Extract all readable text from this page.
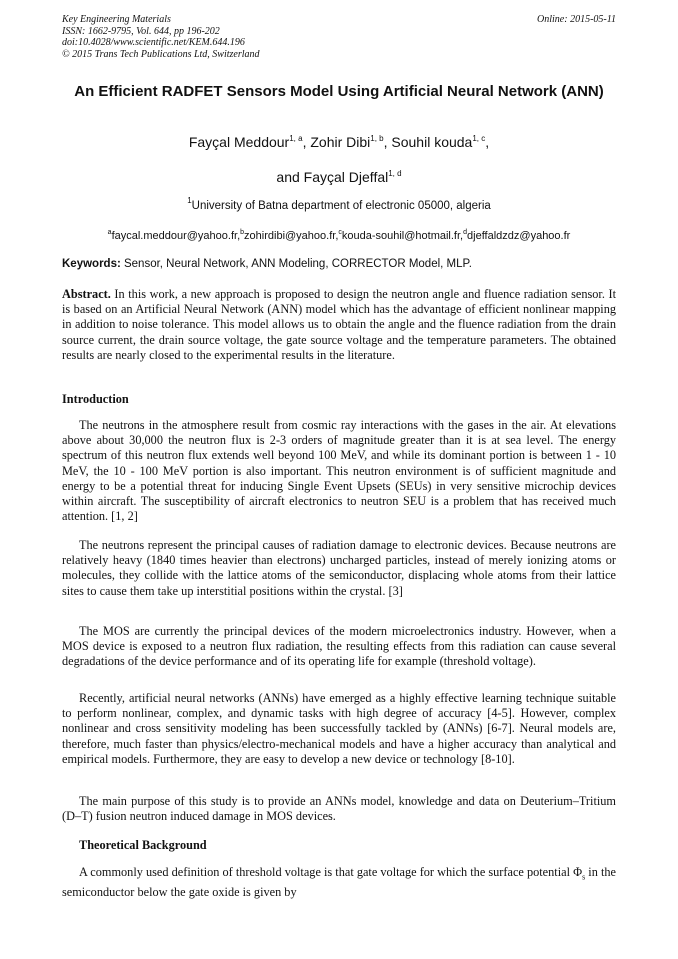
Key Engineering Materials
ISSN: 1662-9795, Vol. 644, pp 196-202
doi:10.4028/www.scientific.net/KEM.644.196
© 2015 Trans Tech Publications Ltd, Switzerland
Online: 2015-05-11
An Efficient RADFET Sensors Model Using Artificial Neural Network (ANN)
Fayçal Meddour$^{1, a}$, Zohir Dibi$^{1, b}$, Souhil kouda$^{1, c}$,
and Fayçal Djeffal$^{1, d}$
$^1$University of Batna department of electronic 05000, algeria
$^a$faycal.meddour@yahoo.fr,$^b$zohirdibi@yahoo.fr,$^c$kouda-souhil@hotmail.fr,$^d$djeffaldzdz@yahoo.fr
Keywords: Sensor, Neural Network, ANN Modeling, CORRECTOR Model, MLP.

Abstract. In this work, a new approach is proposed to design the neutron angle and fluence radiation sensor. It is based on an Artificial Neural Network (ANN) model which has the advantage of efficient nonlinear mapping in addition to noise tolerance. This model allows us to obtain the angle and the fluence radiation from the drain source current, the drain source voltage, the gate source voltage and the temperature parameters. The obtained results are nearly closed to the experimental results in the literature.

Introduction

The neutrons in the atmosphere result from cosmic ray interactions with the gases in the air. At elevations above about 30,000 the neutron flux is 2-3 orders of magnitude greater than it is at sea level. The energy spectrum of this neutron flux extends well beyond 100 MeV, and while its dominant portion is between 1 - 10 MeV, the 10 - 100 MeV portion is also important. This neutron environment is of sufficient magnitude and energy to be a potential threat for inducing Single Event Upsets (SEUs) in very sensitive microchip devices within aircraft. The susceptibility of aircraft electronics to neutron SEU is a problem that has received much attention. [1, 2]

The neutrons represent the principal causes of radiation damage to electronic devices. Because neutrons are relatively heavy (1840 times heavier than electrons) uncharged particles, instead of merely ionizing atoms or molecules, they collide with the lattice atoms of the semiconductor, displacing whole atoms from their lattice sites to cause them take up interstitial positions within the crystal. [3]

The MOS are currently the principal devices of the modern microelectronics industry. However, when a MOS device is exposed to a neutron flux radiation, the resulting effects from this radiation can cause several degradations of the device performance and of its operating life for example (threshold voltage).

Recently, artificial neural networks (ANNs) have emerged as a highly effective learning technique suitable to perform nonlinear, complex, and dynamic tasks with high degree of accuracy [4-5]. However, complex nonlinear and cross sensitivity modeling has been successfully tackled by (ANNs) [6-7]. Neural models are, therefore, much faster than physics/electro-mechanical models and have a higher accuracy than analytical and empirical models. Furthermore, they are easy to develop a new device or technology [8-10].

The main purpose of this study is to provide an ANNs model, knowledge and data on Deuterium–Tritium (D–T) fusion neutron induced damage in MOS devices.

Theoretical Background

A commonly used definition of threshold voltage is that gate voltage for which the surface potential $\Phi_s$ in the semiconductor below the gate oxide is given by
